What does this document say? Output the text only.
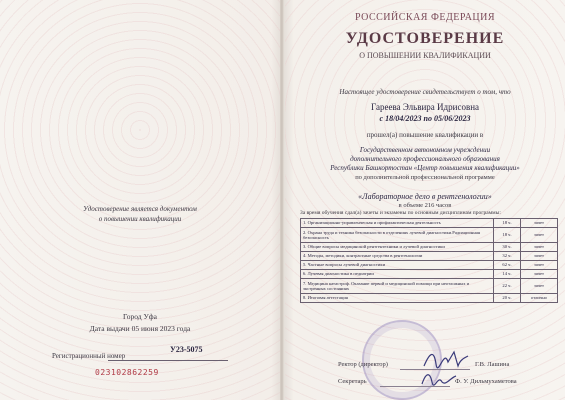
Удостоверение является документом
о повышении квалификации
Город Уфа
Дата выдачи 05 июня 2023 года
Регистрационный номер
У23-5075
023102862259
РОССИЙСКАЯ ФЕДЕРАЦИЯ
УДОСТОВЕРЕНИЕ
О ПОВЫШЕНИИ КВАЛИФИКАЦИИ
Настоящее удостоверение свидетельствует о том, что
Гареева Эльвира Идрисовна
с 18/04/2023 по 05/06/2023
прошел(а) повышение квалификации в
Государственном автономном учреждении
дополнительного профессионального образования
Республики Башкортостан «Центр повышения квалификации»
по дополнительной профессиональной программе
«Лабораторное дело в рентгенологии»
в объеме 216 часов
За время обучения сдал(а) зачеты и экзамены по основным дисциплинам программы:
1. Организационно-управленческая и профилактическая деятельность	18 ч.	зачет
2. Охрана труда и техника безопасности в отделениях лучевой диагностики.Радиационная безопасность	18 ч.	зачет
3. Общие вопросы медицинской рентгентехники и лучевой диагностики	30 ч.	зачет
4. Методы, методики, контрастные средства в рентгенологии	32 ч.	зачет
5. Частные вопросы лучевой диагностики	62 ч.	зачет
6. Лучевая диагностика в педиатрии	14 ч.	зачет
7. Медицина катастроф. Оказание первой и медицинской помощи при неотложных и экстренных состояниях	22 ч.	зачет
8. Итоговая аттестация	20 ч.	отлично
Ректор (директор)	Г.В. Лашина
Секретарь	Ф. У. Дильмухаметова
